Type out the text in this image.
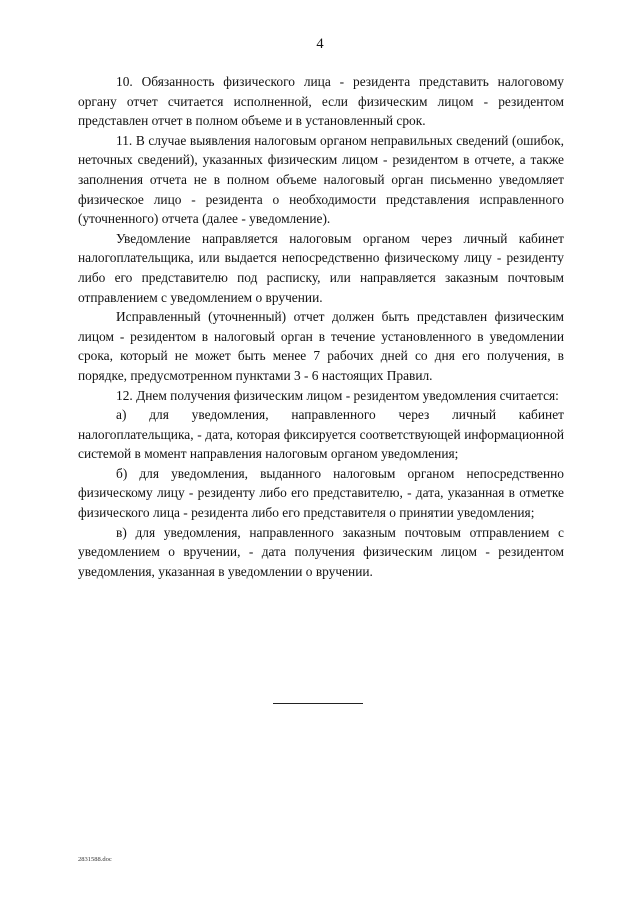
4

10. Обязанность физического лица - резидента представить налоговому органу отчет считается исполненной, если физическим лицом - резидентом представлен отчет в полном объеме и в установленный срок.

11. В случае выявления налоговым органом неправильных сведений (ошибок, неточных сведений), указанных физическим лицом - резидентом в отчете, а также заполнения отчета не в полном объеме налоговый орган письменно уведомляет физическое лицо - резидента о необходимости представления исправленного (уточненного) отчета (далее - уведомление).

Уведомление направляется налоговым органом через личный кабинет налогоплательщика, или выдается непосредственно физическому лицу - резиденту либо его представителю под расписку, или направляется заказным почтовым отправлением с уведомлением о вручении.

Исправленный (уточненный) отчет должен быть представлен физическим лицом - резидентом в налоговый орган в течение установленного в уведомлении срока, который не может быть менее 7 рабочих дней со дня его получения, в порядке, предусмотренном пунктами 3 - 6 настоящих Правил.

12. Днем получения физическим лицом - резидентом уведомления считается:

а) для уведомления, направленного через личный кабинет налогоплательщика, - дата, которая фиксируется соответствующей информационной системой в момент направления налоговым органом уведомления;

б) для уведомления, выданного налоговым органом непосредственно физическому лицу - резиденту либо его представителю, - дата, указанная в отметке физического лица - резидента либо его представителя о принятии уведомления;

в) для уведомления, направленного заказным почтовым отправлением с уведомлением о вручении, - дата получения физическим лицом - резидентом уведомления, указанная в уведомлении о вручении.

2831588.doc
